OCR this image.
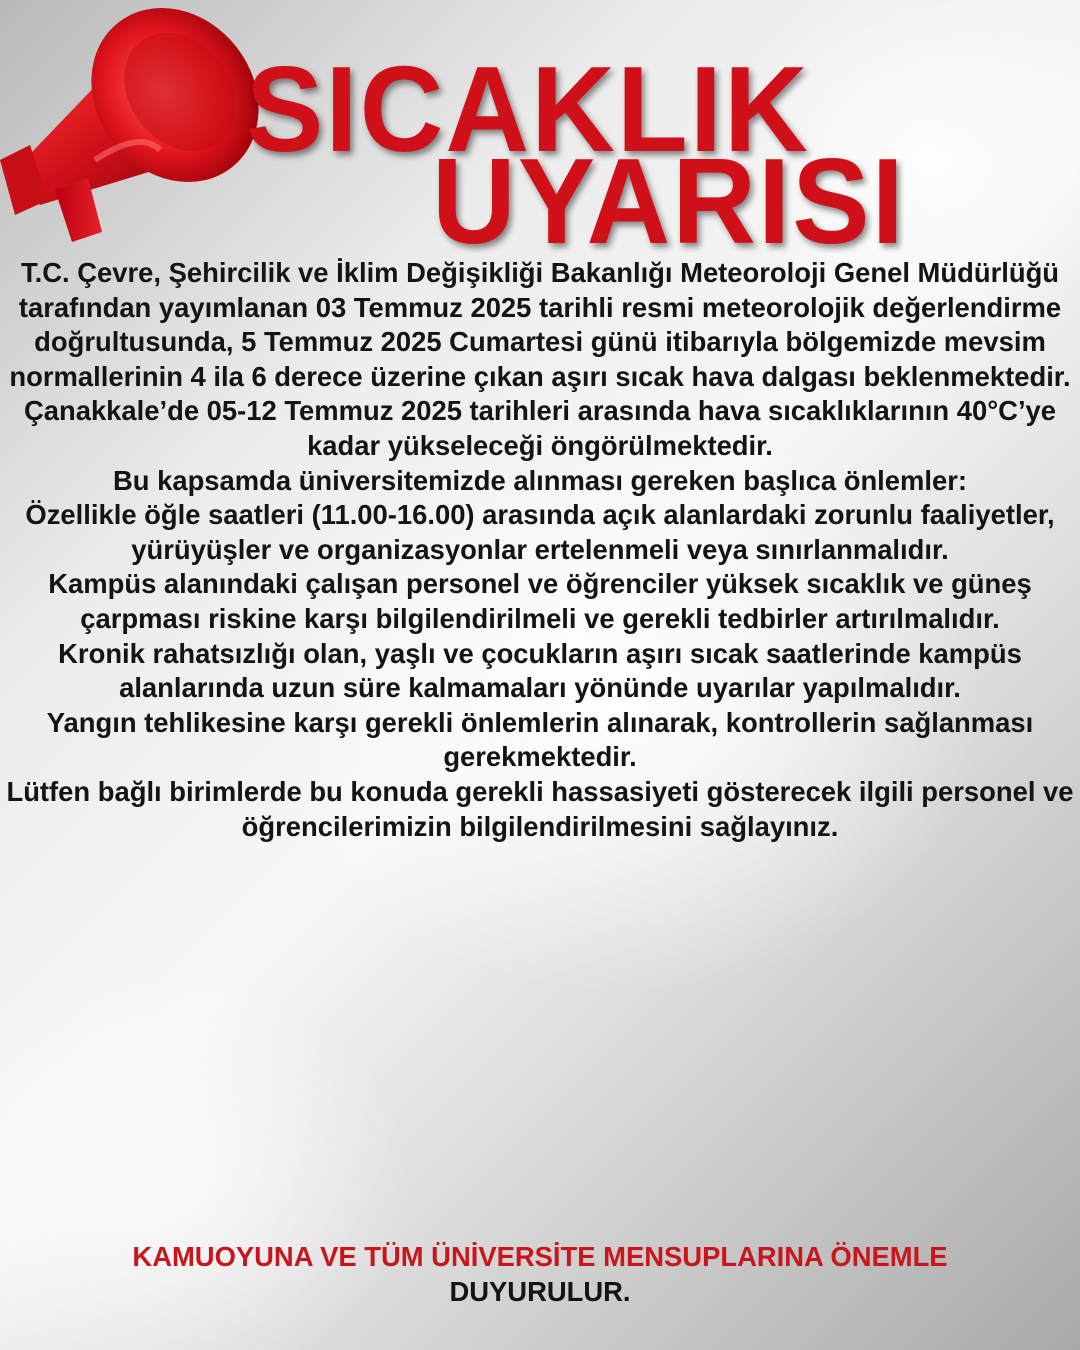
SICAKLIK
UYARISI

T.C. Çevre, Şehircilik ve İklim Değişikliği Bakanlığı Meteoroloji Genel Müdürlüğü tarafından yayımlanan 03 Temmuz 2025 tarihli resmi meteorolojik değerlendirme doğrultusunda, 5 Temmuz 2025 Cumartesi günü itibarıyla bölgemizde mevsim normallerinin 4 ila 6 derece üzerine çıkan aşırı sıcak hava dalgası beklenmektedir.

Çanakkale’de 05-12 Temmuz 2025 tarihleri arasında hava sıcaklıklarının 40°C’ye kadar yükseleceği öngörülmektedir.

Bu kapsamda üniversitemizde alınması gereken başlıca önlemler:

Özellikle öğle saatleri (11.00-16.00) arasında açık alanlardaki zorunlu faaliyetler, yürüyüşler ve organizasyonlar ertelenmeli veya sınırlanmalıdır.

Kampüs alanındaki çalışan personel ve öğrenciler yüksek sıcaklık ve güneş çarpması riskine karşı bilgilendirilmeli ve gerekli tedbirler artırılmalıdır.

Kronik rahatsızlığı olan, yaşlı ve çocukların aşırı sıcak saatlerinde kampüs alanlarında uzun süre kalmamaları yönünde uyarılar yapılmalıdır.

Yangın tehlikesine karşı gerekli önlemlerin alınarak, kontrollerin sağlanması gerekmektedir.

Lütfen bağlı birimlerde bu konuda gerekli hassasiyeti gösterecek ilgili personel ve öğrencilerimizin bilgilendirilmesini sağlayınız.

KAMUOYUNA VE TÜM ÜNİVERSİTE MENSUPLARINA ÖNEMLE

DUYURULUR.
